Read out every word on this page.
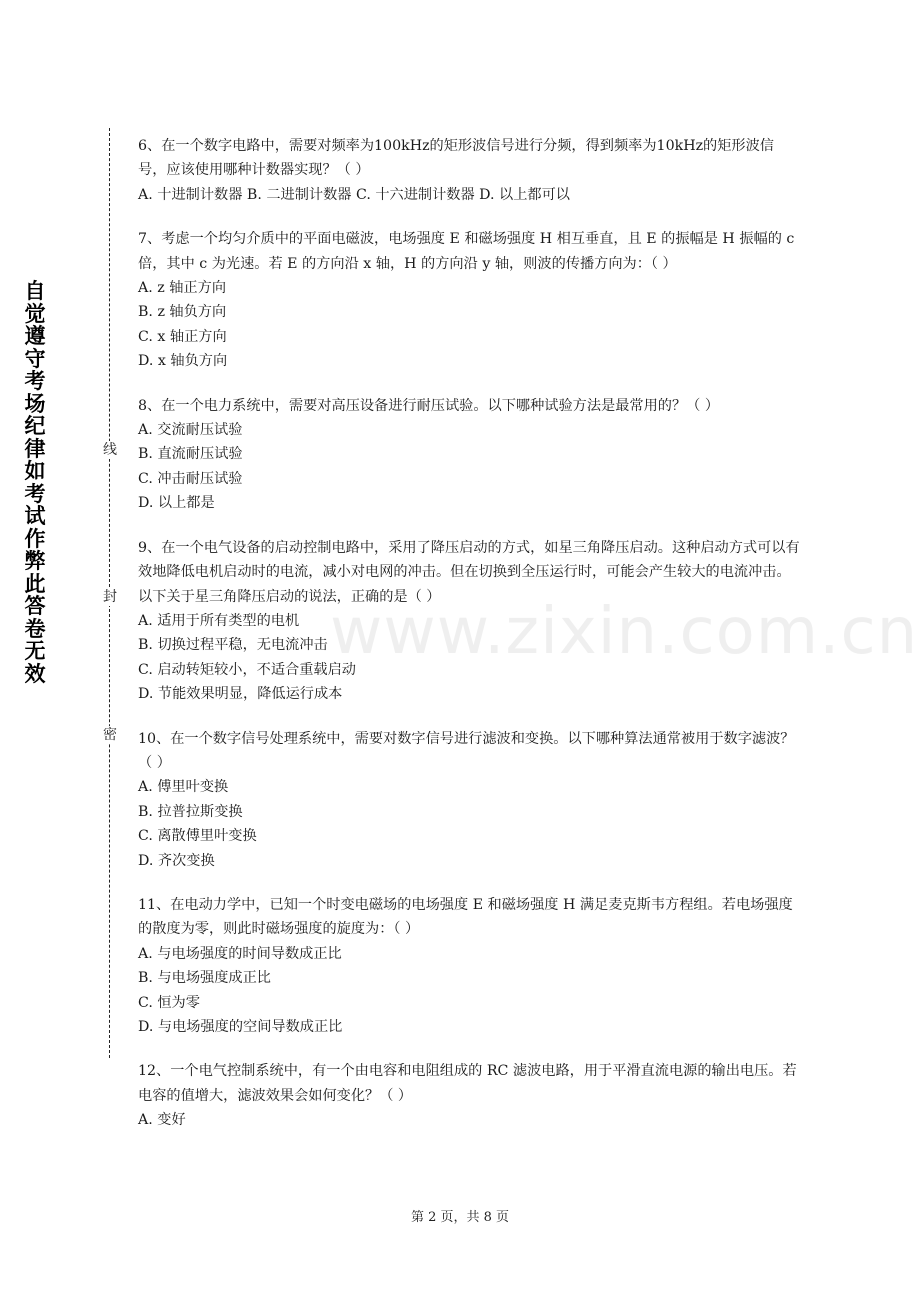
自觉遵守考场纪律如考试作弊此答卷无效
线
封
密
www.zixin.com.cn

6、在一个数字电路中，需要对频率为100kHz的矩形波信号进行分频，得到频率为10kHz的矩形波信号，应该使用哪种计数器实现？（ ）

A. 十进制计数器 B. 二进制计数器 C. 十六进制计数器 D. 以上都可以

7、考虑一个均匀介质中的平面电磁波，电场强度 E 和磁场强度 H 相互垂直，且 E 的振幅是 H 振幅的 c 倍，其中 c 为光速。若 E 的方向沿 x 轴，H 的方向沿 y 轴，则波的传播方向为：（ ）

A. z 轴正方向

B. z 轴负方向

C. x 轴正方向

D. x 轴负方向

8、在一个电力系统中，需要对高压设备进行耐压试验。以下哪种试验方法是最常用的？（ ）

A. 交流耐压试验

B. 直流耐压试验

C. 冲击耐压试验

D. 以上都是

9、在一个电气设备的启动控制电路中，采用了降压启动的方式，如星三角降压启动。这种启动方式可以有效地降低电机启动时的电流，减小对电网的冲击。但在切换到全压运行时，可能会产生较大的电流冲击。以下关于星三角降压启动的说法，正确的是（ ）

A. 适用于所有类型的电机

B. 切换过程平稳，无电流冲击

C. 启动转矩较小，不适合重载启动

D. 节能效果明显，降低运行成本

10、在一个数字信号处理系统中，需要对数字信号进行滤波和变换。以下哪种算法通常被用于数字滤波？（ ）

A. 傅里叶变换

B. 拉普拉斯变换

C. 离散傅里叶变换

D. 齐次变换

11、在电动力学中，已知一个时变电磁场的电场强度 E 和磁场强度 H 满足麦克斯韦方程组。若电场强度的散度为零，则此时磁场强度的旋度为：（ ）

A. 与电场强度的时间导数成正比

B. 与电场强度成正比

C. 恒为零

D. 与电场强度的空间导数成正比

12、一个电气控制系统中，有一个由电容和电阻组成的 RC 滤波电路，用于平滑直流电源的输出电压。若电容的值增大，滤波效果会如何变化？（ ）

A. 变好

第 2 页，共 8 页
